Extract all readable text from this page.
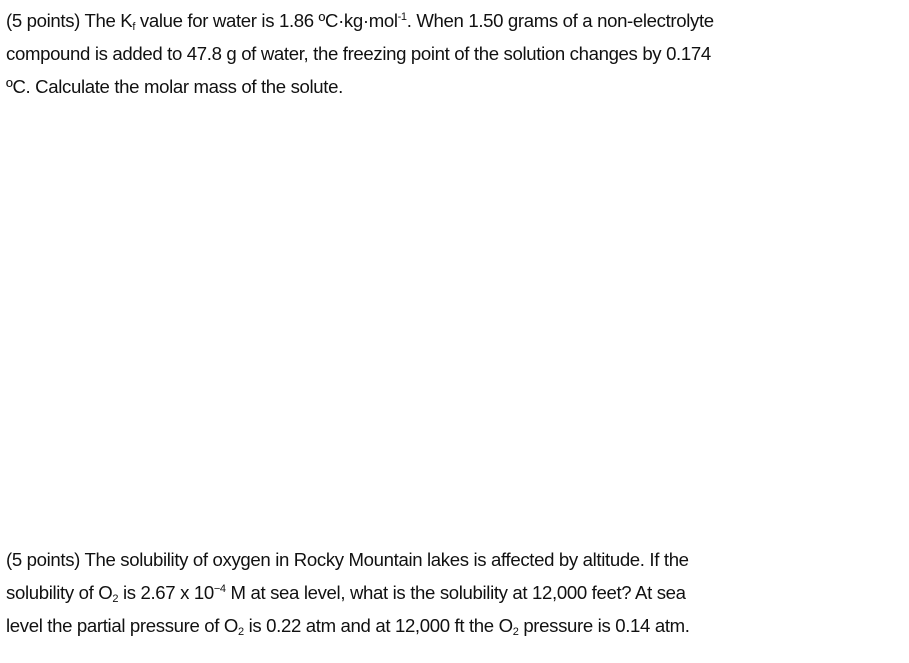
(5 points) The $K_f$ value for water is 1.86 ºC·kg·mol$^{-1}$. When 1.50 grams of a non-electrolyte
compound is added to 47.8 g of water, the freezing point of the solution changes by 0.174
ºC. Calculate the molar mass of the solute.
(5 points) The solubility of oxygen in Rocky Mountain lakes is affected by altitude. If the
solubility of $O_2$ is 2.67 x $10^{-4}$ M at sea level, what is the solubility at 12,000 feet? At sea
level the partial pressure of $O_2$ is 0.22 atm and at 12,000 ft the $O_2$ pressure is 0.14 atm.
